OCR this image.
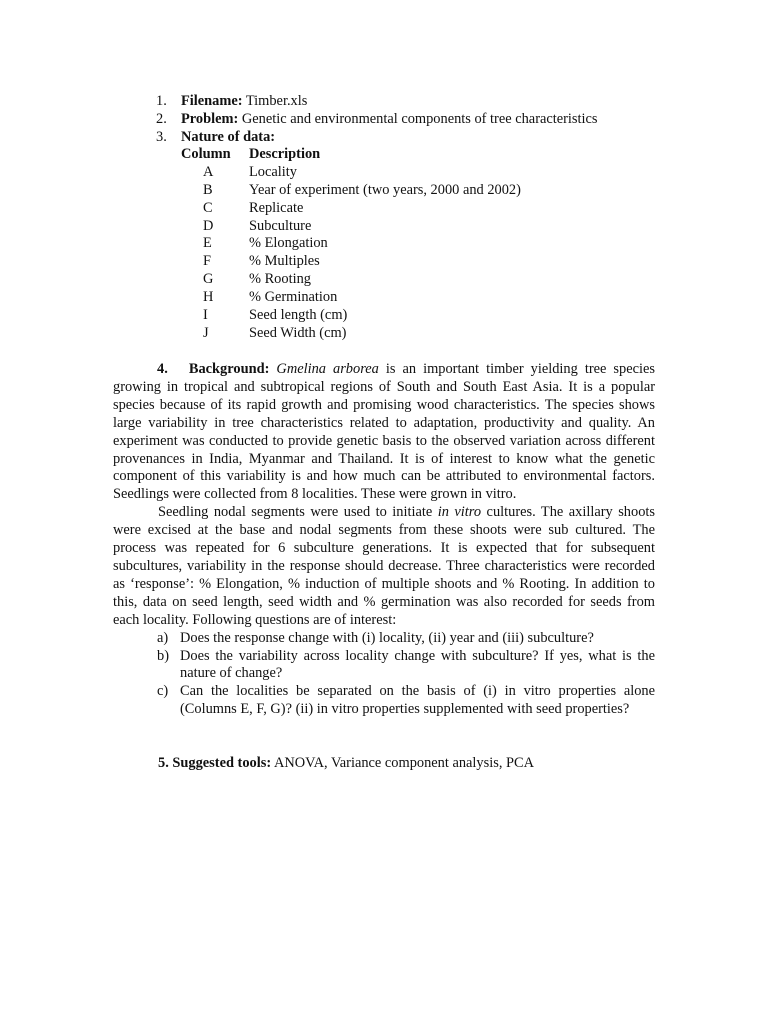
1. Filename: Timber.xls
2. Problem: Genetic and environmental components of tree characteristics
3. Nature of data:
Column	Description
A	Locality
B	Year of experiment (two years, 2000 and 2002)
C	Replicate
D	Subculture
E	% Elongation
F	% Multiples
G	% Rooting
H	% Germination
I	Seed length (cm)
J	Seed Width (cm)

4. Background: Gmelina arborea is an important timber yielding tree species growing in tropical and subtropical regions of South and South East Asia. It is a popular species because of its rapid growth and promising wood characteristics. The species shows large variability in tree characteristics related to adaptation, productivity and quality. An experiment was conducted to provide genetic basis to the observed variation across different provenances in India, Myanmar and Thailand. It is of interest to know what the genetic component of this variability is and how much can be attributed to environmental factors. Seedlings were collected from 8 localities. These were grown in vitro.

Seedling nodal segments were used to initiate in vitro cultures. The axillary shoots were excised at the base and nodal segments from these shoots were sub cultured. The process was repeated for 6 subculture generations. It is expected that for subsequent subcultures, variability in the response should decrease. Three characteristics were recorded as ‘response’: % Elongation, % induction of multiple shoots and % Rooting. In addition to this, data on seed length, seed width and % germination was also recorded for seeds from each locality. Following questions are of interest:

a) Does the response change with (i) locality, (ii) year and (iii) subculture?
b) Does the variability across locality change with subculture? If yes, what is the nature of change?
c) Can the localities be separated on the basis of (i) in vitro properties alone (Columns E, F, G)? (ii) in vitro properties supplemented with seed properties?
5. Suggested tools: ANOVA, Variance component analysis, PCA
